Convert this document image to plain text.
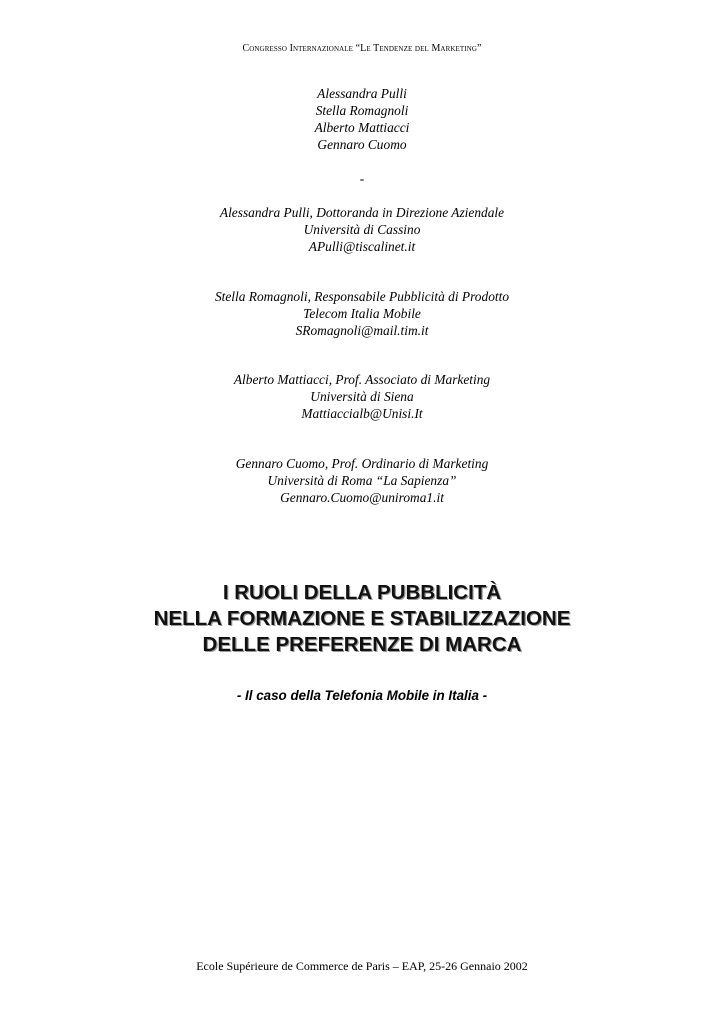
Congresso Internazionale “Le Tendenze del Marketing”
Alessandra Pulli
Stella Romagnoli
Alberto Mattiacci
Gennaro Cuomo
-
Alessandra Pulli, Dottoranda in Direzione Aziendale
Università di Cassino
APulli@tiscalinet.it
Stella Romagnoli, Responsabile Pubblicità di Prodotto
Telecom Italia Mobile
SRomagnoli@mail.tim.it
Alberto Mattiacci, Prof. Associato di Marketing
Università di Siena
Mattiaccialb@Unisi.It
Gennaro Cuomo, Prof. Ordinario di Marketing
Università di Roma “La Sapienza”
Gennaro.Cuomo@uniroma1.it
I RUOLI DELLA PUBBLICITÀ
NELLA FORMAZIONE E STABILIZZAZIONE
DELLE PREFERENZE DI MARCA
- Il caso della Telefonia Mobile in Italia -
Ecole Supérieure de Commerce de Paris – EAP, 25-26 Gennaio 2002
